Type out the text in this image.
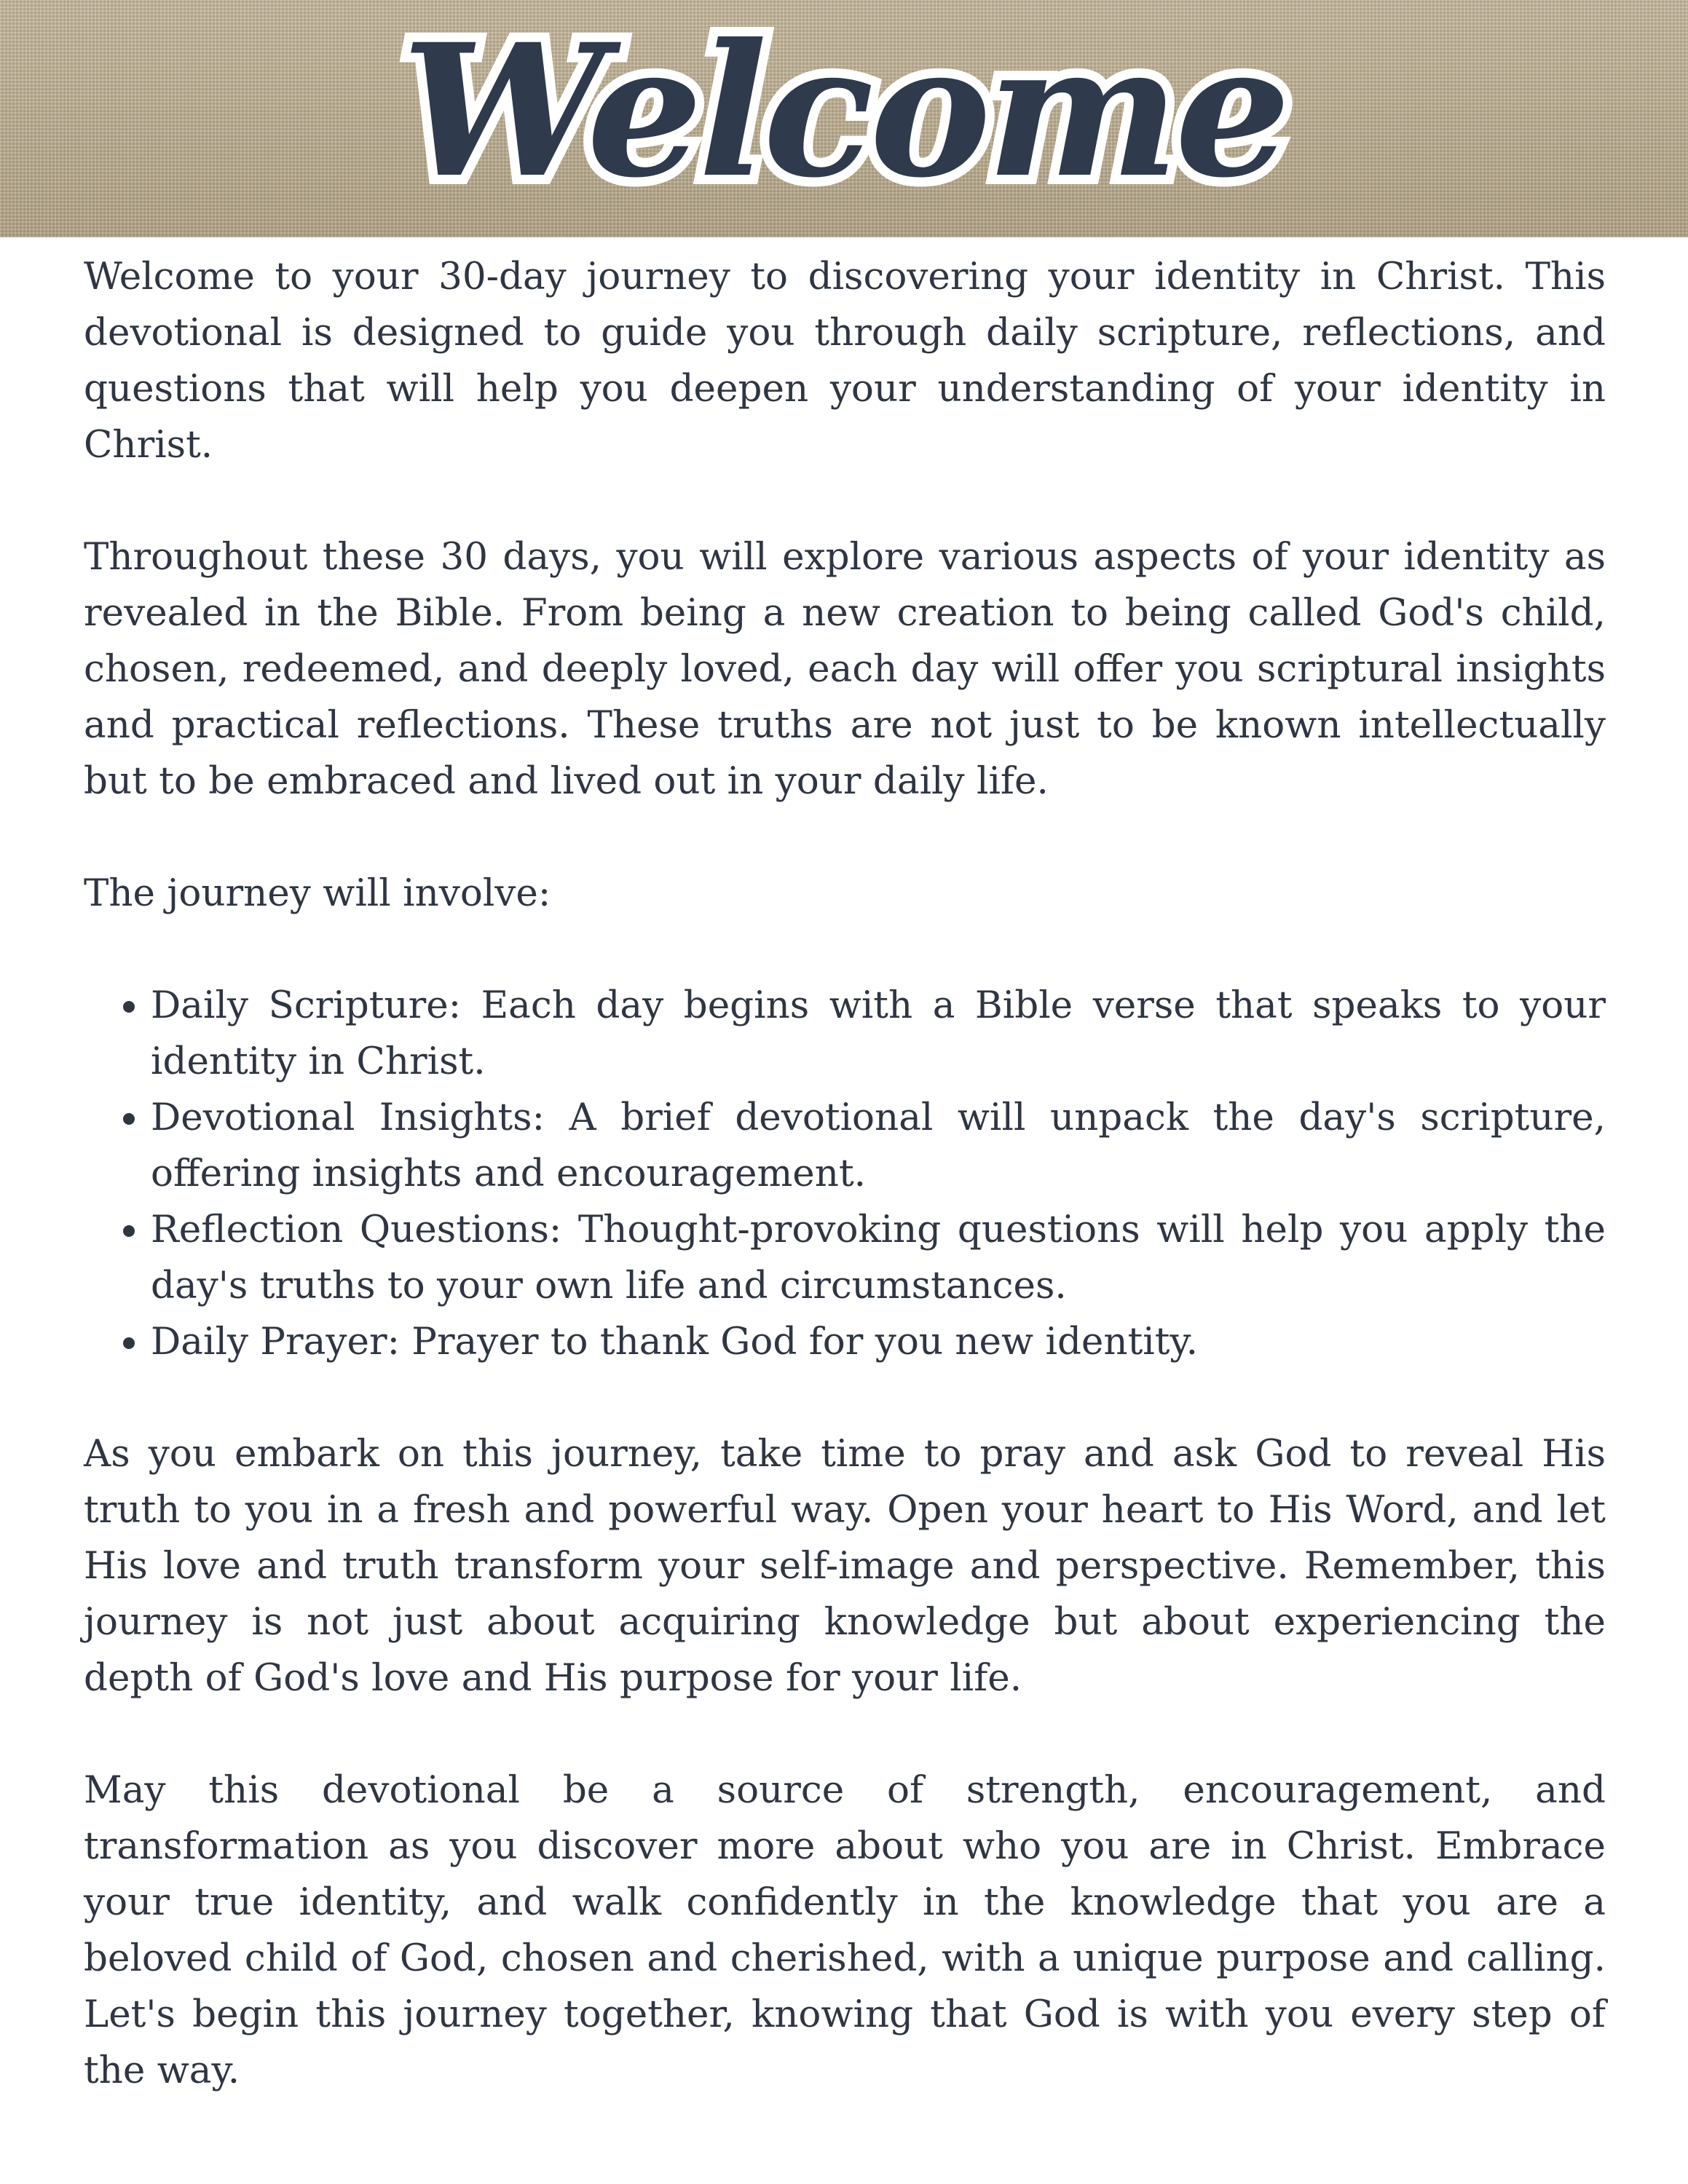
Welcome

Welcome to your 30-day journey to discovering your identity in Christ. This devotional is designed to guide you through daily scripture, reflections, and questions that will help you deepen your understanding of your identity in Christ.

Throughout these 30 days, you will explore various aspects of your identity as revealed in the Bible. From being a new creation to being called God's child, chosen, redeemed, and deeply loved, each day will offer you scriptural insights and practical reflections. These truths are not just to be known intellectually but to be embraced and lived out in your daily life.

The journey will involve:

• Daily Scripture: Each day begins with a Bible verse that speaks to your identity in Christ.
• Devotional Insights: A brief devotional will unpack the day's scripture, offering insights and encouragement.
• Reflection Questions: Thought-provoking questions will help you apply the day's truths to your own life and circumstances.
• Daily Prayer: Prayer to thank God for you new identity.

As you embark on this journey, take time to pray and ask God to reveal His truth to you in a fresh and powerful way. Open your heart to His Word, and let His love and truth transform your self-image and perspective. Remember, this journey is not just about acquiring knowledge but about experiencing the depth of God's love and His purpose for your life.

May this devotional be a source of strength, encouragement, and transformation as you discover more about who you are in Christ. Embrace your true identity, and walk confidently in the knowledge that you are a beloved child of God, chosen and cherished, with a unique purpose and calling. Let's begin this journey together, knowing that God is with you every step of the way.
